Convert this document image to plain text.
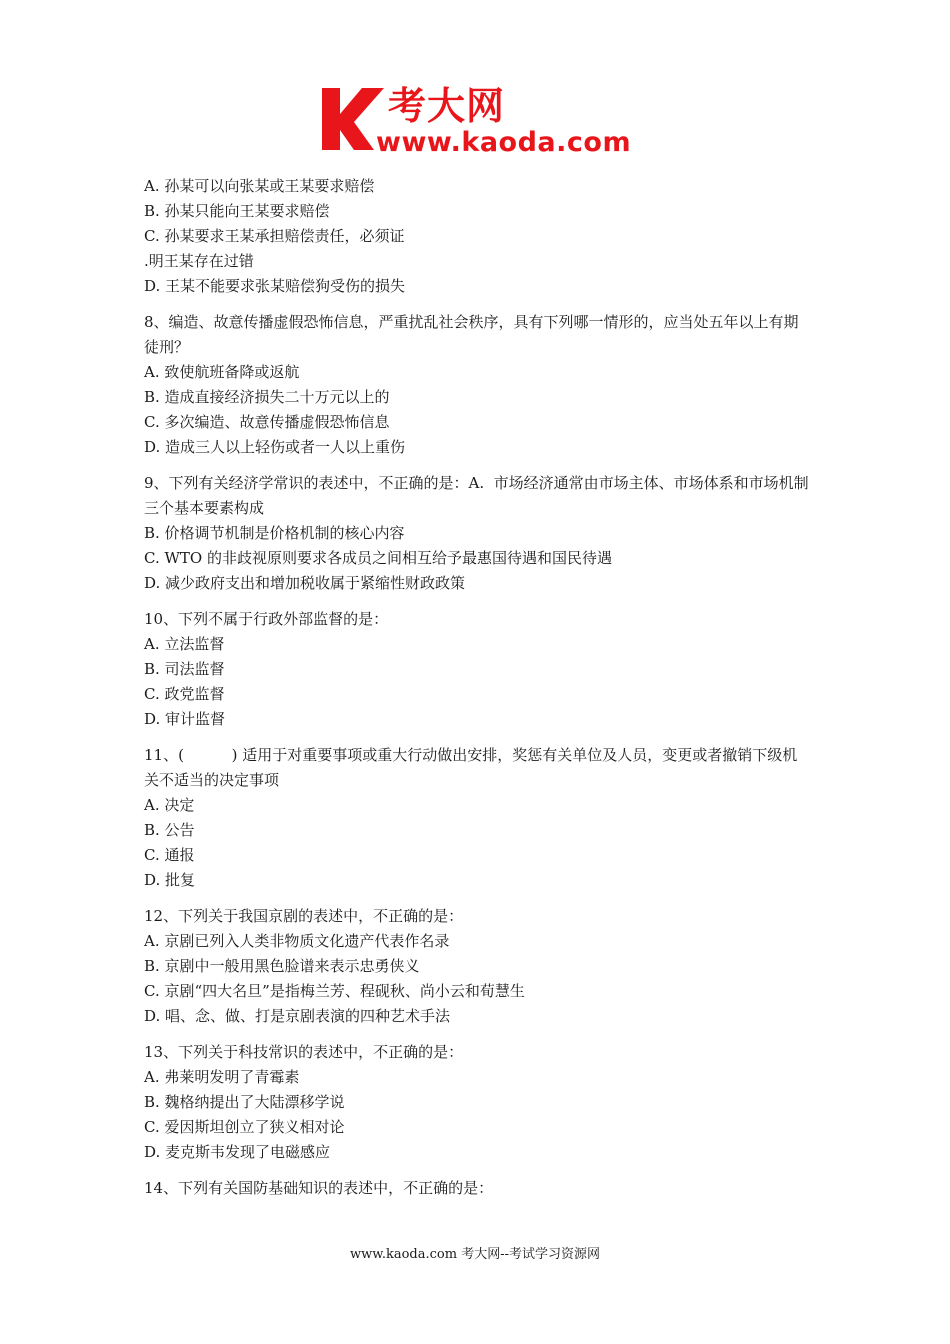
考大网
www.kaoda.com
A. 孙某可以向张某或王某要求赔偿
B. 孙某只能向王某要求赔偿
C. 孙某要求王某承担赔偿责任，必须证
.明王某存在过错
D. 王某不能要求张某赔偿狗受伤的损失
8、编造、故意传播虚假恐怖信息，严重扰乱社会秩序，具有下列哪一情形的，应当处五年以上有期徒刑？
A. 致使航班备降或返航
B. 造成直接经济损失二十万元以上的
C. 多次编造、故意传播虚假恐怖信息
D. 造成三人以上轻伤或者一人以上重伤
9、下列有关经济学常识的表述中，不正确的是：A.  市场经济通常由市场主体、市场体系和市场机制三个基本要素构成
B. 价格调节机制是价格机制的核心内容
C. WTO 的非歧视原则要求各成员之间相互给予最惠国待遇和国民待遇
D. 减少政府支出和增加税收属于紧缩性财政政策
10、下列不属于行政外部监督的是：
A. 立法监督
B. 司法监督
C. 政党监督
D. 审计监督
11、(          ) 适用于对重要事项或重大行动做出安排，奖惩有关单位及人员，变更或者撤销下级机关不适当的决定事项
A. 决定
B. 公告
C. 通报
D. 批复
12、下列关于我国京剧的表述中，不正确的是：
A. 京剧已列入人类非物质文化遗产代表作名录
B. 京剧中一般用黑色脸谱来表示忠勇侠义
C. 京剧“四大名旦”是指梅兰芳、程砚秋、尚小云和荀慧生
D. 唱、念、做、打是京剧表演的四种艺术手法
13、下列关于科技常识的表述中，不正确的是：
A. 弗莱明发明了青霉素
B. 魏格纳提出了大陆漂移学说
C. 爱因斯坦创立了狭义相对论
D. 麦克斯韦发现了电磁感应
14、下列有关国防基础知识的表述中，不正确的是：
www.kaoda.com 考大网--考试学习资源网
